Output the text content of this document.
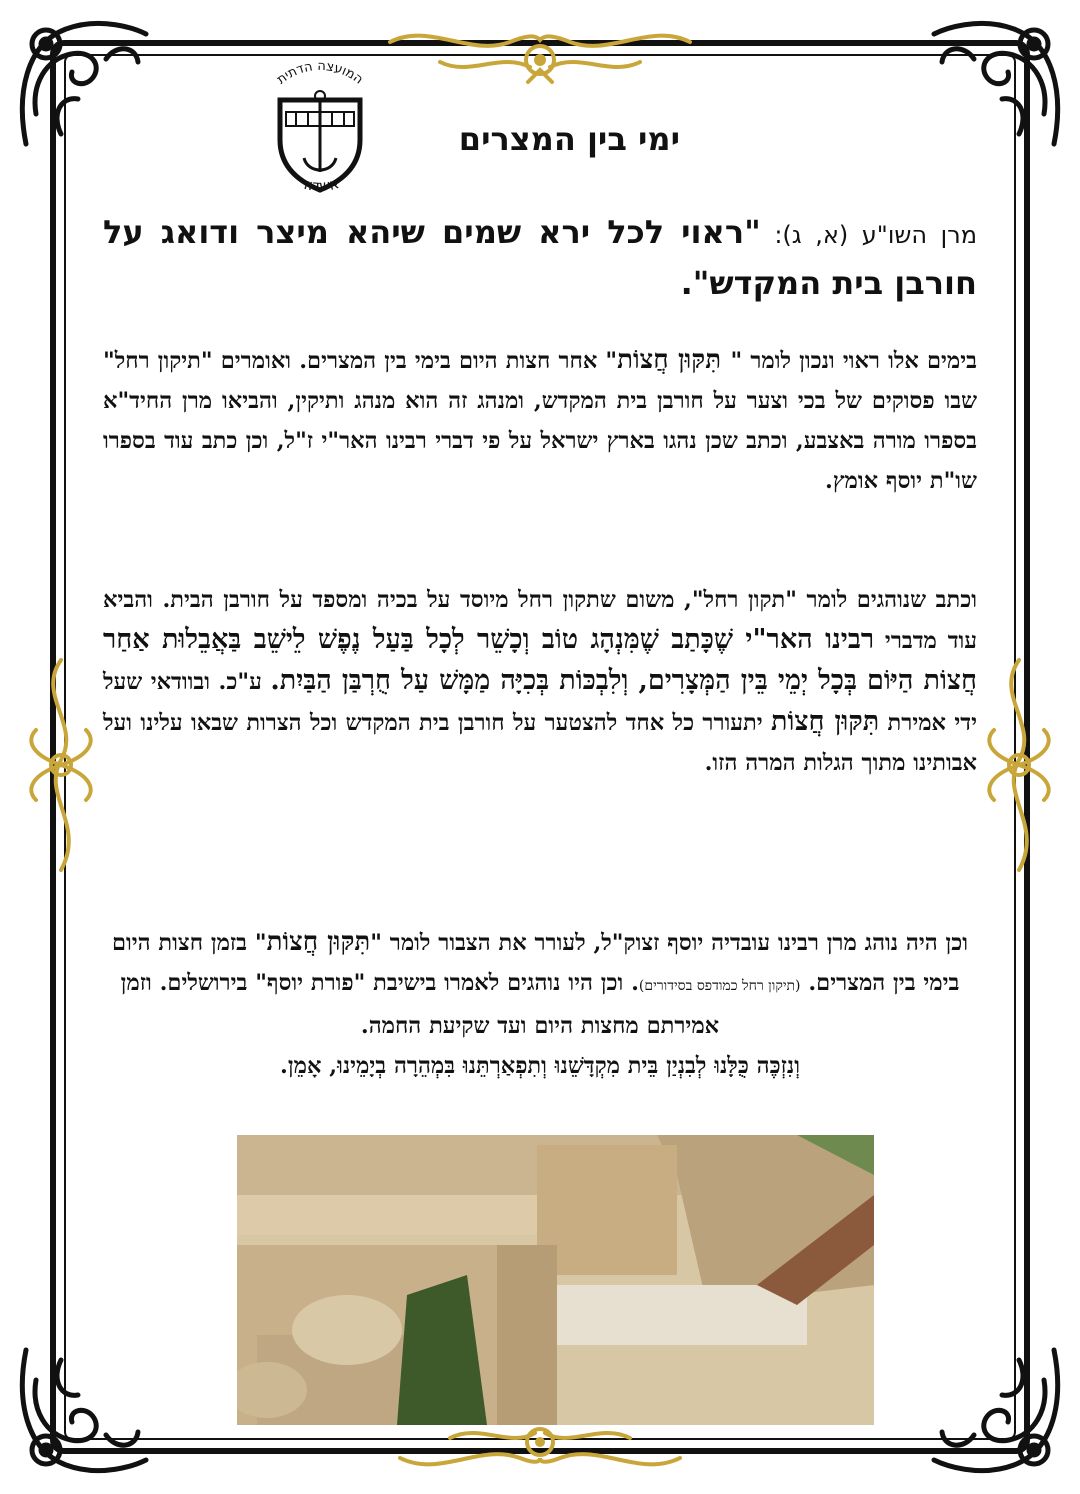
המועצה הדתית
אשדוד
ימי בין המצרים
מרן השו"ע (א, ג): "ראוי לכל ירא שמים שיהא מיצר ודואג על חורבן בית המקדש".
בימים אלו ראוי ונכון לומר " תִּקּוּן חֲצוֹת" אחר חצות היום בימי בין המצרים. ואומרים "תיקון רחל" שבו פסוקים של בכי וצער על חורבן בית המקדש, ומנהג זה הוא מנהג ותיקין, והביאו מרן החיד"א בספרו מורה באצבע, וכתב שכן נהגו בארץ ישראל על פי דברי רבינו האר"י ז"ל, וכן כתב עוד בספרו שו"ת יוסף אומץ.
וכתב שנוהגים לומר "תקון רחל", משום שתקון רחל מיוסד על בכיה ומספד על חורבן הבית. והביא עוד מדברי רבינו האר"י שֶׁכָּתַב שֶׁמִּנְהָג טוֹב וְכָשֵׁר לְכָל בַּעַל נֶפֶשׁ לֵישֵׁב בַּאֲבֵלוּת אַחַר חֲצוֹת הַיּוֹם בְּכָל יְמֵי בֵּין הַמְּצָרִים, וְלִבְכּוֹת בְּכִיָּה מַמָּשׁ עַל חֻרְבַּן הַבַּיִת. ע"כ. ובוודאי שעל ידי אמירת תִּקּוּן חֲצוֹת יתעורר כל אחד להצטער על חורבן בית המקדש וכל הצרות שבאו עלינו ועל אבותינו מתוך הגלות המרה הזו.
וכן היה נוהג מרן רבינו עובדיה יוסף זצוק"ל, לעורר את הצבור לומר "תִּקּוּן חֲצוֹת" בזמן חצות היום בימי בין המצרים. (תיקון רחל כמודפס בסידורים). וכן היו נוהגים לאמרו בישיבת "פורת יוסף" בירושלים. וזמן אמירתם מחצות היום ועד שקיעת החמה.
וְנִזְכֶּה כֻּלָּנוּ לְבִנְיַן בֵּית מִקְדָּשֵׁנוּ וְתִפְאַרְתֵּנוּ בִּמְהֵרָה בְיָמֵינוּ, אָמֵן.
